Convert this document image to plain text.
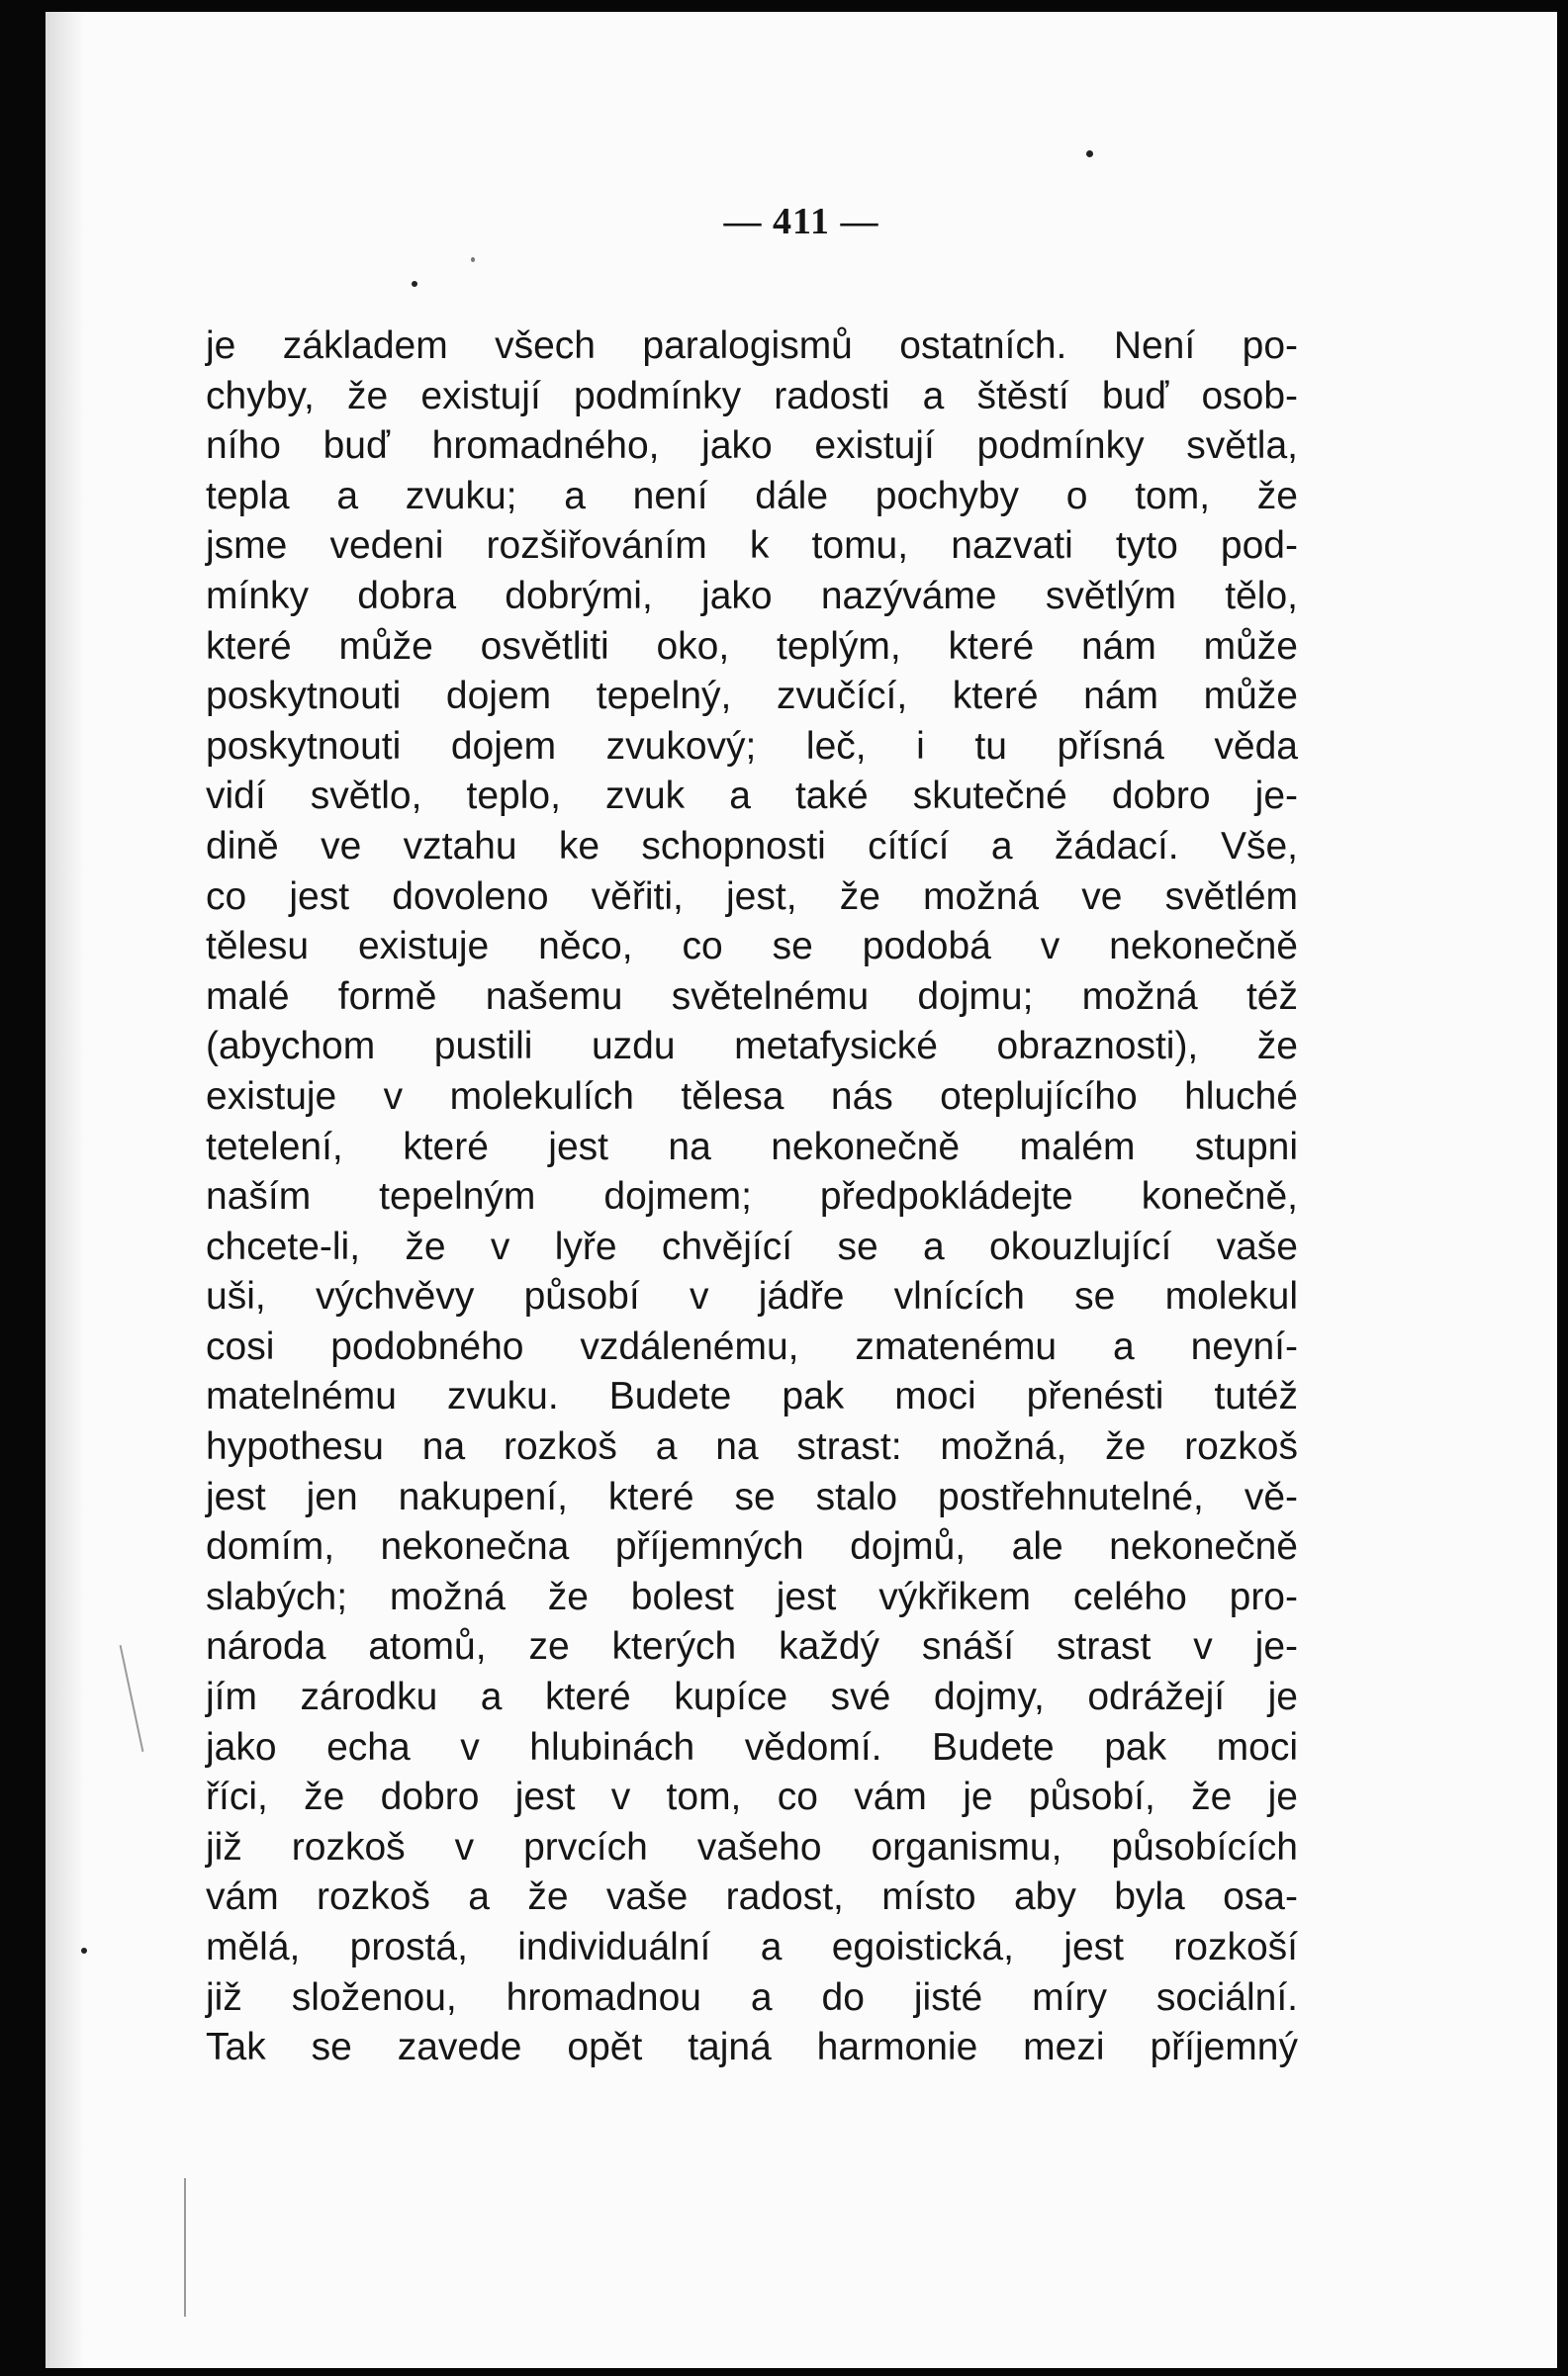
— 411 —
je základem všech paralogismů ostatních. Není po-
chyby, že existují podmínky radosti a štěstí buď osob-
ního buď hromadného, jako existují podmínky světla,
tepla a zvuku; a není dále pochyby o tom, že
jsme vedeni rozšiřováním k tomu, nazvati tyto pod-
mínky dobra dobrými, jako nazýváme světlým tělo,
které může osvětliti oko, teplým, které nám může
poskytnouti dojem tepelný, zvučící, které nám může
poskytnouti dojem zvukový; leč, i tu přísná věda
vidí světlo, teplo, zvuk a také skutečné dobro je-
dině ve vztahu ke schopnosti cítící a žádací. Vše,
co jest dovoleno věřiti, jest, že možná ve světlém
tělesu existuje něco, co se podobá v nekonečně
malé formě našemu světelnému dojmu; možná též
(abychom pustili uzdu metafysické obraznosti), že
existuje v molekulích tělesa nás oteplujícího hluché
tetelení, které jest na nekonečně malém stupni
naším tepelným dojmem; předpokládejte konečně,
chcete-li, že v lyře chvějící se a okouzlující vaše
uši, výchvěvy působí v jádře vlnících se molekul
cosi podobného vzdálenému, zmatenému a neyní-
matelnému zvuku. Budete pak moci přenésti tutéž
hypothesu na rozkoš a na strast: možná, že rozkoš
jest jen nakupení, které se stalo postřehnutelné, vě-
domím, nekonečna příjemných dojmů, ale nekonečně
slabých; možná že bolest jest výkřikem celého pro-
národa atomů, ze kterých každý snáší strast v je-
jím zárodku a které kupíce své dojmy, odrážejí je
jako echa v hlubinách vědomí. Budete pak moci
říci, že dobro jest v tom, co vám je působí, že je
již rozkoš v prvcích vašeho organismu, působících
vám rozkoš a že vaše radost, místo aby byla osa-
mělá, prostá, individuální a egoistická, jest rozkoší
již složenou, hromadnou a do jisté míry sociální.
Tak se zavede opět tajná harmonie mezi příjemný
